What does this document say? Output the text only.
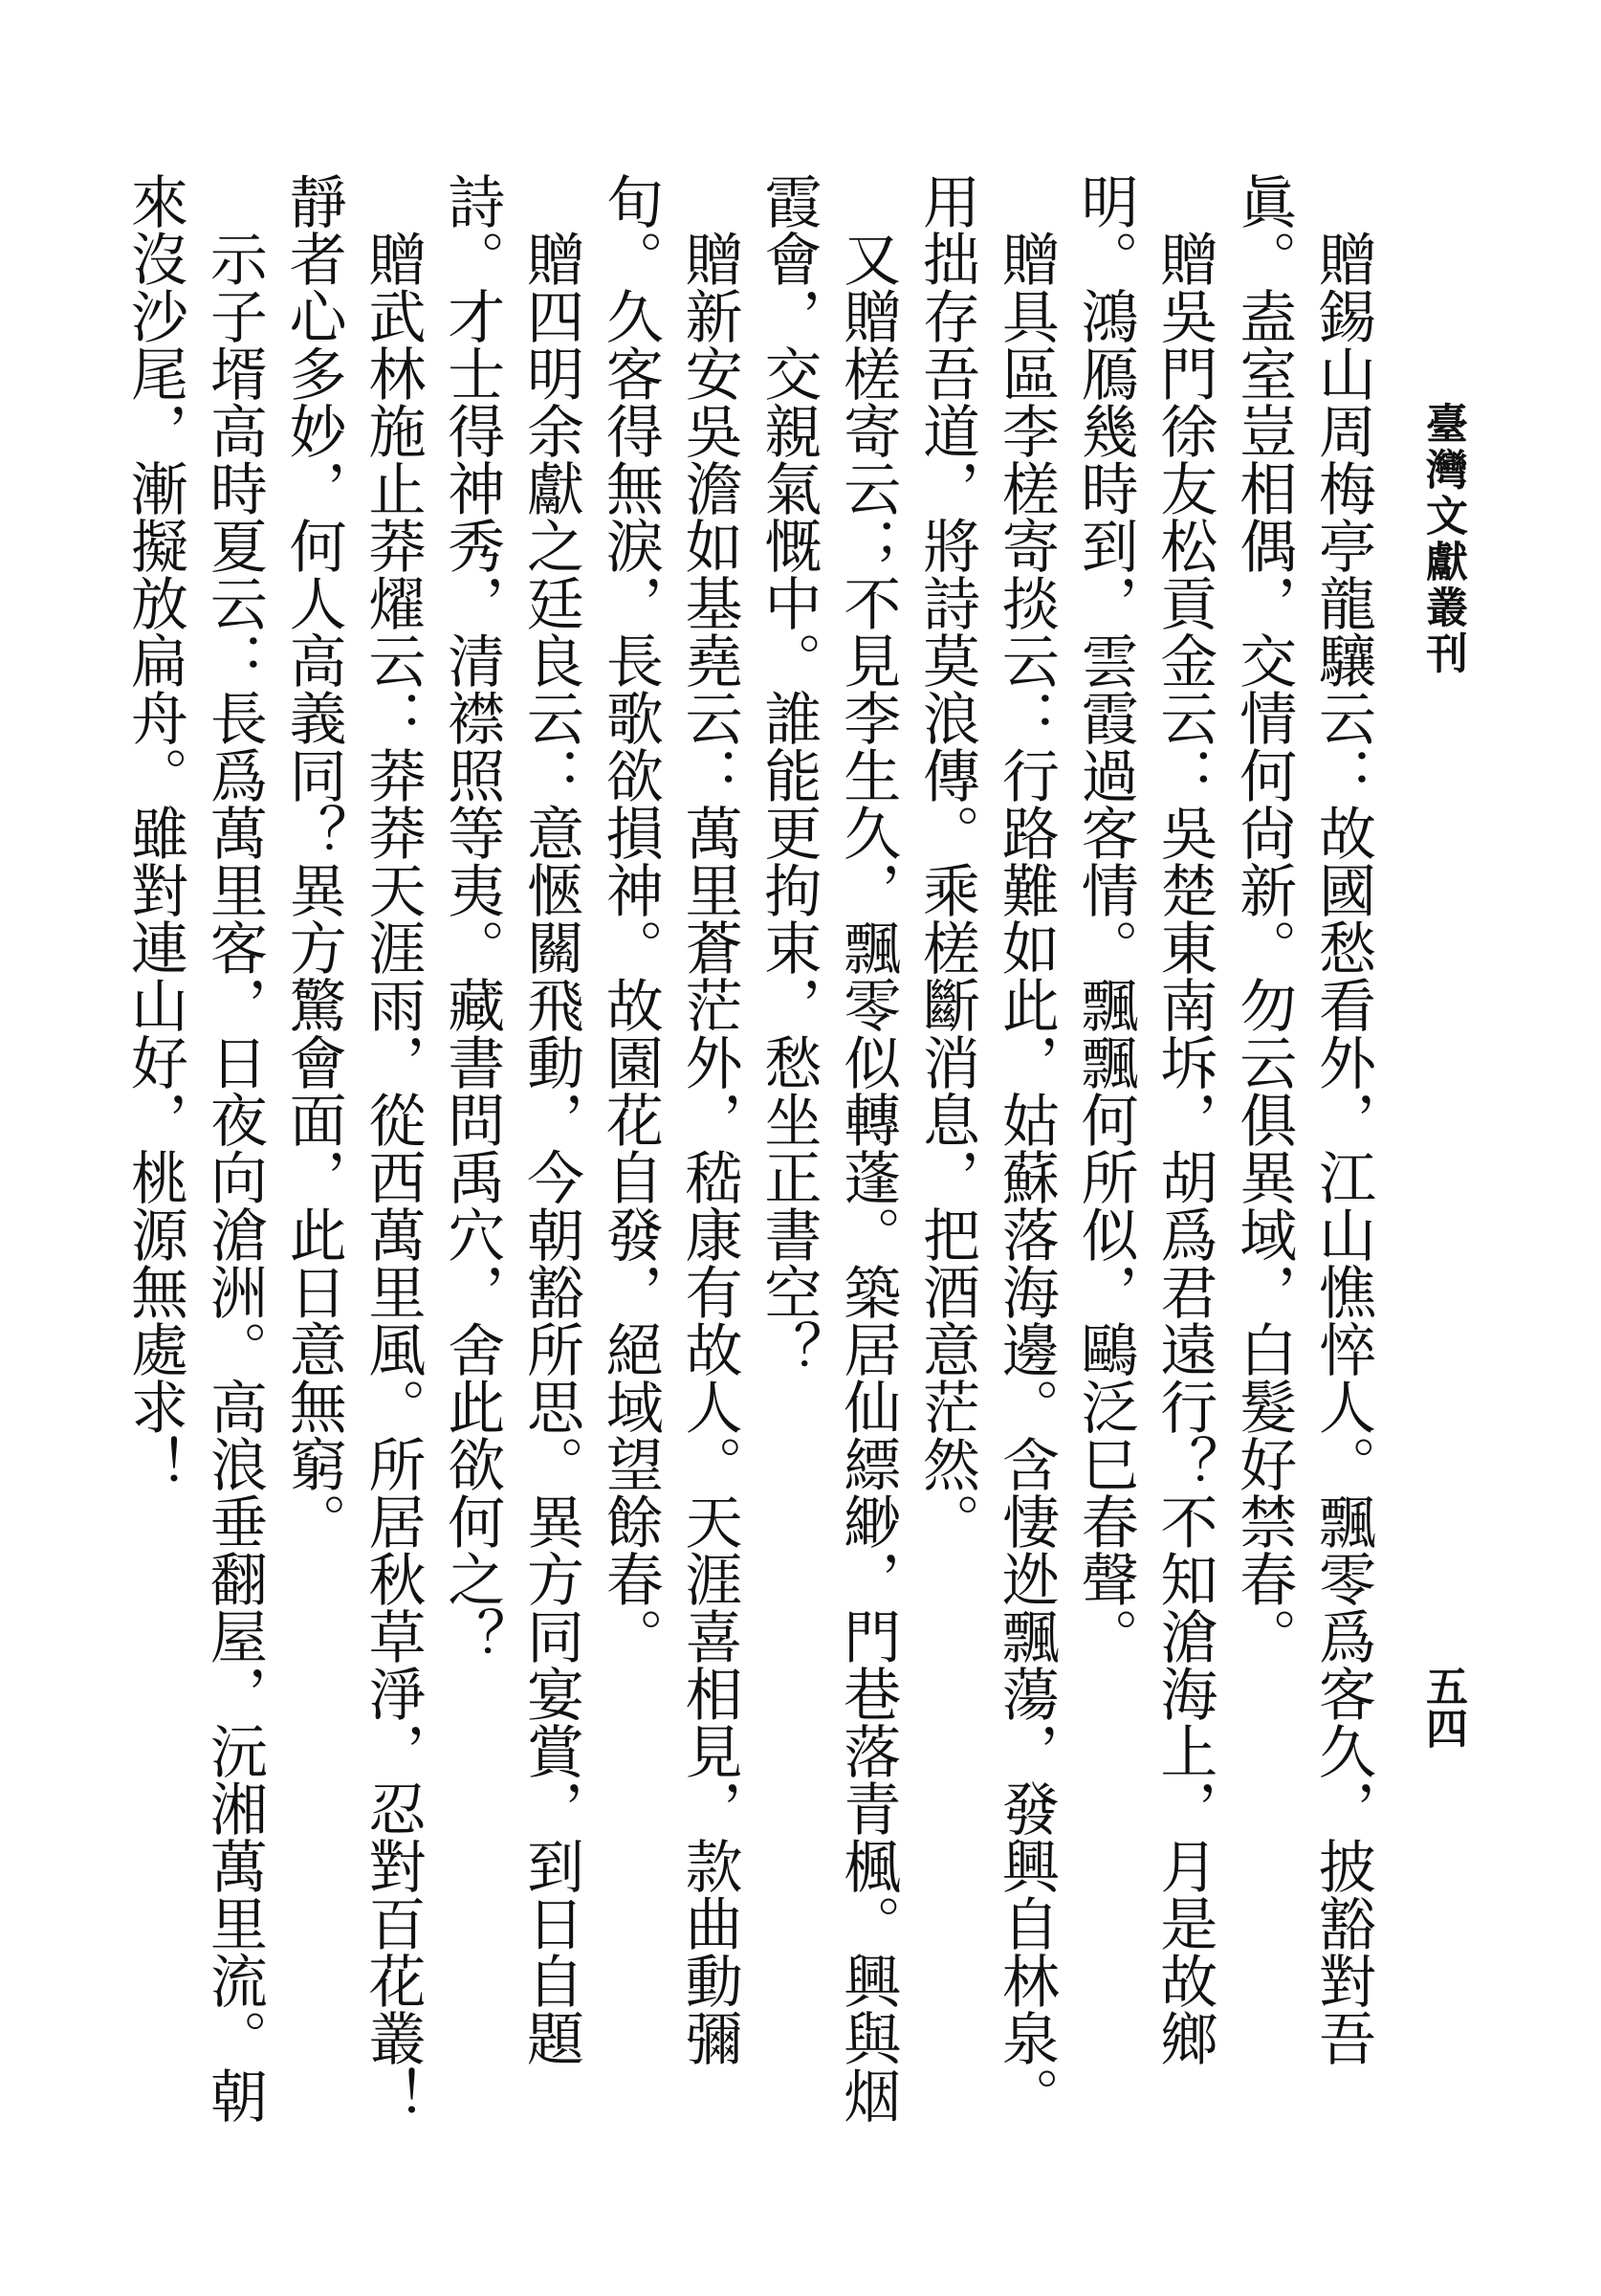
臺灣文獻叢刊
五四

贈錫山周梅亭龍驤云：故國愁看外，江山憔悴人。飄零爲客久，披豁對吾眞。盍室豈相偶，交情何尙新。勿云俱異域，白髮好禁春。

贈吳門徐友松貢金云：吳楚東南坼，胡爲君遠行？不知滄海上，月是故鄉明。鴻鴈幾時到，雲霞過客情。飄飄何所似，鷗泛巳春聲。

贈具區李槎寄掞云：行路難如此，姑蘇落海邊。含悽迯飄蕩，發興自林泉。用拙存吾道，將詩莫浪傳。乘槎斷消息，把酒意茫然。

又贈槎寄云；不見李生久，飄零似轉蓬。築居仙縹緲，門巷落青楓。興與烟霞會，交親氣慨中。誰能更拘束，愁坐正書空？

贈新安吳澹如基堯云：萬里蒼茫外，嵇康有故人。天涯喜相見，款曲動彌旬。久客得無淚，長歌欲損神。故園花自發，絕域望餘春。

贈四明余獻之廷良云：意愜關飛動，今朝豁所思。異方同宴賞，到日自題詩。才士得神秀，清襟照等夷。藏書問禹穴，舍此欲何之？

贈武林施止莽燿云：莽莽天涯雨，從西萬里風。所居秋草淨，忍對百花叢！靜者心多妙，何人高義同？異方驚會面，此日意無窮。

示子壻高時夏云：長爲萬里客，日夜向滄洲。高浪垂翻屋，沅湘萬里流。朝來沒沙尾，漸擬放扁舟。雖對連山好，桃源無處求！
